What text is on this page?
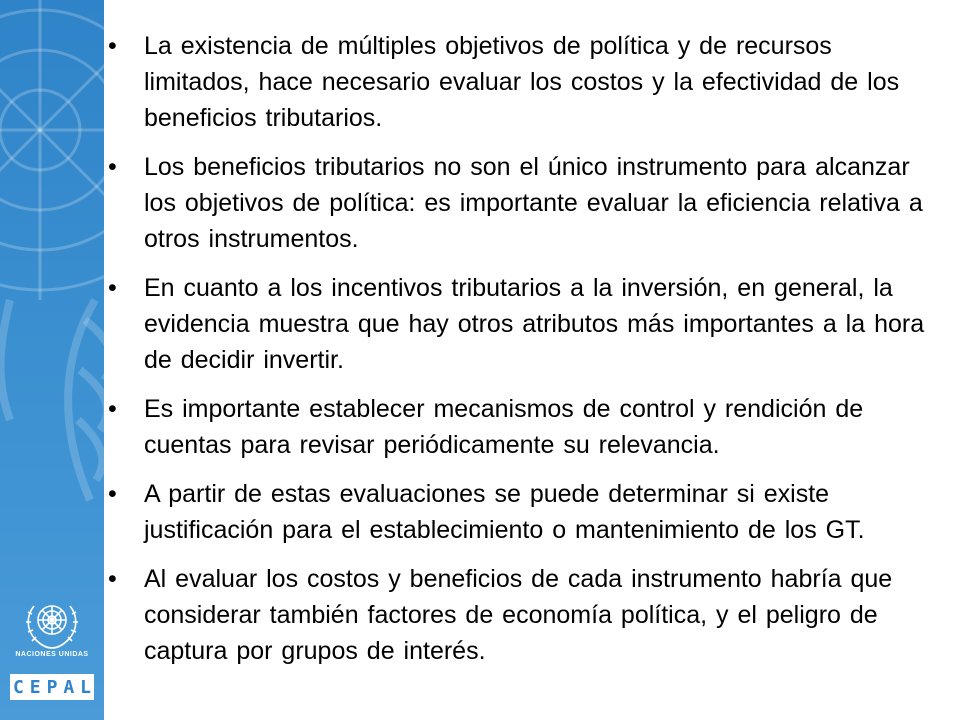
NACIONES UNIDAS
C E P A L
•	La existencia de múltiples objetivos de política y de recursos limitados, hace necesario evaluar los costos y la efectividad de los beneficios tributarios.
•	Los beneficios tributarios no son el único instrumento para alcanzar los objetivos de política: es importante evaluar la eficiencia relativa a otros instrumentos.
•	En cuanto a los incentivos tributarios a la inversión, en general, la evidencia muestra que hay otros atributos más importantes a la hora de decidir invertir.
•	Es importante establecer mecanismos de control y rendición de cuentas para revisar periódicamente su relevancia.
•	A partir de estas evaluaciones se puede determinar si existe justificación para el establecimiento o mantenimiento de los GT.
•	Al evaluar los costos y beneficios de cada instrumento habría que considerar también factores de economía política, y el peligro de captura por grupos de interés.
